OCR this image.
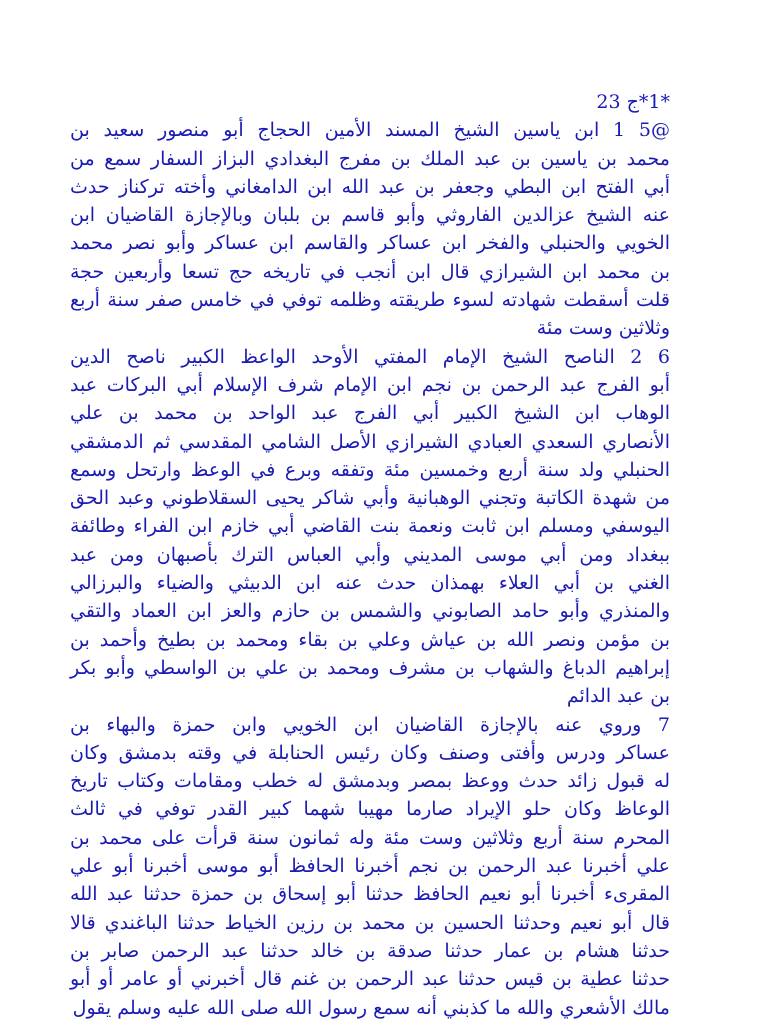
*1*ج 23
@5 1 ابن ياسين الشيخ المسند الأمين الحجاج أبو منصور سعيد بن
محمد بن ياسين بن عبد الملك بن مفرج البغدادي البزاز السفار سمع من
أبي الفتح ابن البطي وجعفر بن عبد الله ابن الدامغاني وأخته تركناز حدث
عنه الشيخ عزالدين الفاروثي وأبو قاسم بن بلبان وبالإجازة القاضيان ابن
الخويي والحنبلي والفخر ابن عساكر والقاسم ابن عساكر وأبو نصر محمد
بن محمد ابن الشيرازي قال ابن أنجب في تاريخه حج تسعا وأربعين حجة
قلت أسقطت شهادته لسوء طريقته وظلمه توفي في خامس صفر سنة أربع
وثلاثين وست مئة
6 2 الناصح الشيخ الإمام المفتي الأوحد الواعظ الكبير ناصح الدين
أبو الفرج عبد الرحمن بن نجم ابن الإمام شرف الإسلام أبي البركات عبد
الوهاب ابن الشيخ الكبير أبي الفرج عبد الواحد بن محمد بن علي
الأنصاري السعدي العبادي الشيرازي الأصل الشامي المقدسي ثم الدمشقي
الحنبلي ولد سنة أربع وخمسين مئة وتفقه وبرع في الوعظ وارتحل وسمع
من شهدة الكاتبة وتجني الوهبانية وأبي شاكر يحيى السقلاطوني وعبد الحق
اليوسفي ومسلم ابن ثابت ونعمة بنت القاضي أبي خازم ابن الفراء وطائفة
ببغداد ومن أبي موسى المديني وأبي العباس الترك بأصبهان ومن عبد
الغني بن أبي العلاء بهمذان حدث عنه ابن الدبيثي والضياء والبرزالي
والمنذري وأبو حامد الصابوني والشمس بن حازم والعز ابن العماد والتقي
بن مؤمن ونصر الله بن عياش وعلي بن بقاء ومحمد بن بطيخ وأحمد بن
إبراهيم الدباغ والشهاب بن مشرف ومحمد بن علي بن الواسطي وأبو بكر
بن عبد الدائم
7 وروي عنه بالإجازة القاضيان ابن الخويي وابن حمزة والبهاء بن
عساكر ودرس وأفتى وصنف وكان رئيس الحنابلة في وقته بدمشق وكان
له قبول زائد حدث ووعظ بمصر وبدمشق له خطب ومقامات وكتاب تاريخ
الوعاظ وكان حلو الإيراد صارما مهيبا شهما كبير القدر توفي في ثالث
المحرم سنة أربع وثلاثين وست مئة وله ثمانون سنة قرأت على محمد بن
علي أخبرنا عبد الرحمن بن نجم أخبرنا الحافظ أبو موسى أخبرنا أبو علي
المقرىء أخبرنا أبو نعيم الحافظ حدثنا أبو إسحاق بن حمزة حدثنا عبد الله
قال أبو نعيم وحدثنا الحسين بن محمد بن رزين الخياط حدثنا الباغندي قالا
حدثنا هشام بن عمار حدثنا صدقة بن خالد حدثنا عبد الرحمن صابر بن
حدثنا عطية بن قيس حدثنا عبد الرحمن بن غنم قال أخبرني أو عامر أو أبو
مالك الأشعري والله ما كذبني أنه سمع رسول الله صلى الله عليه وسلم يقول
